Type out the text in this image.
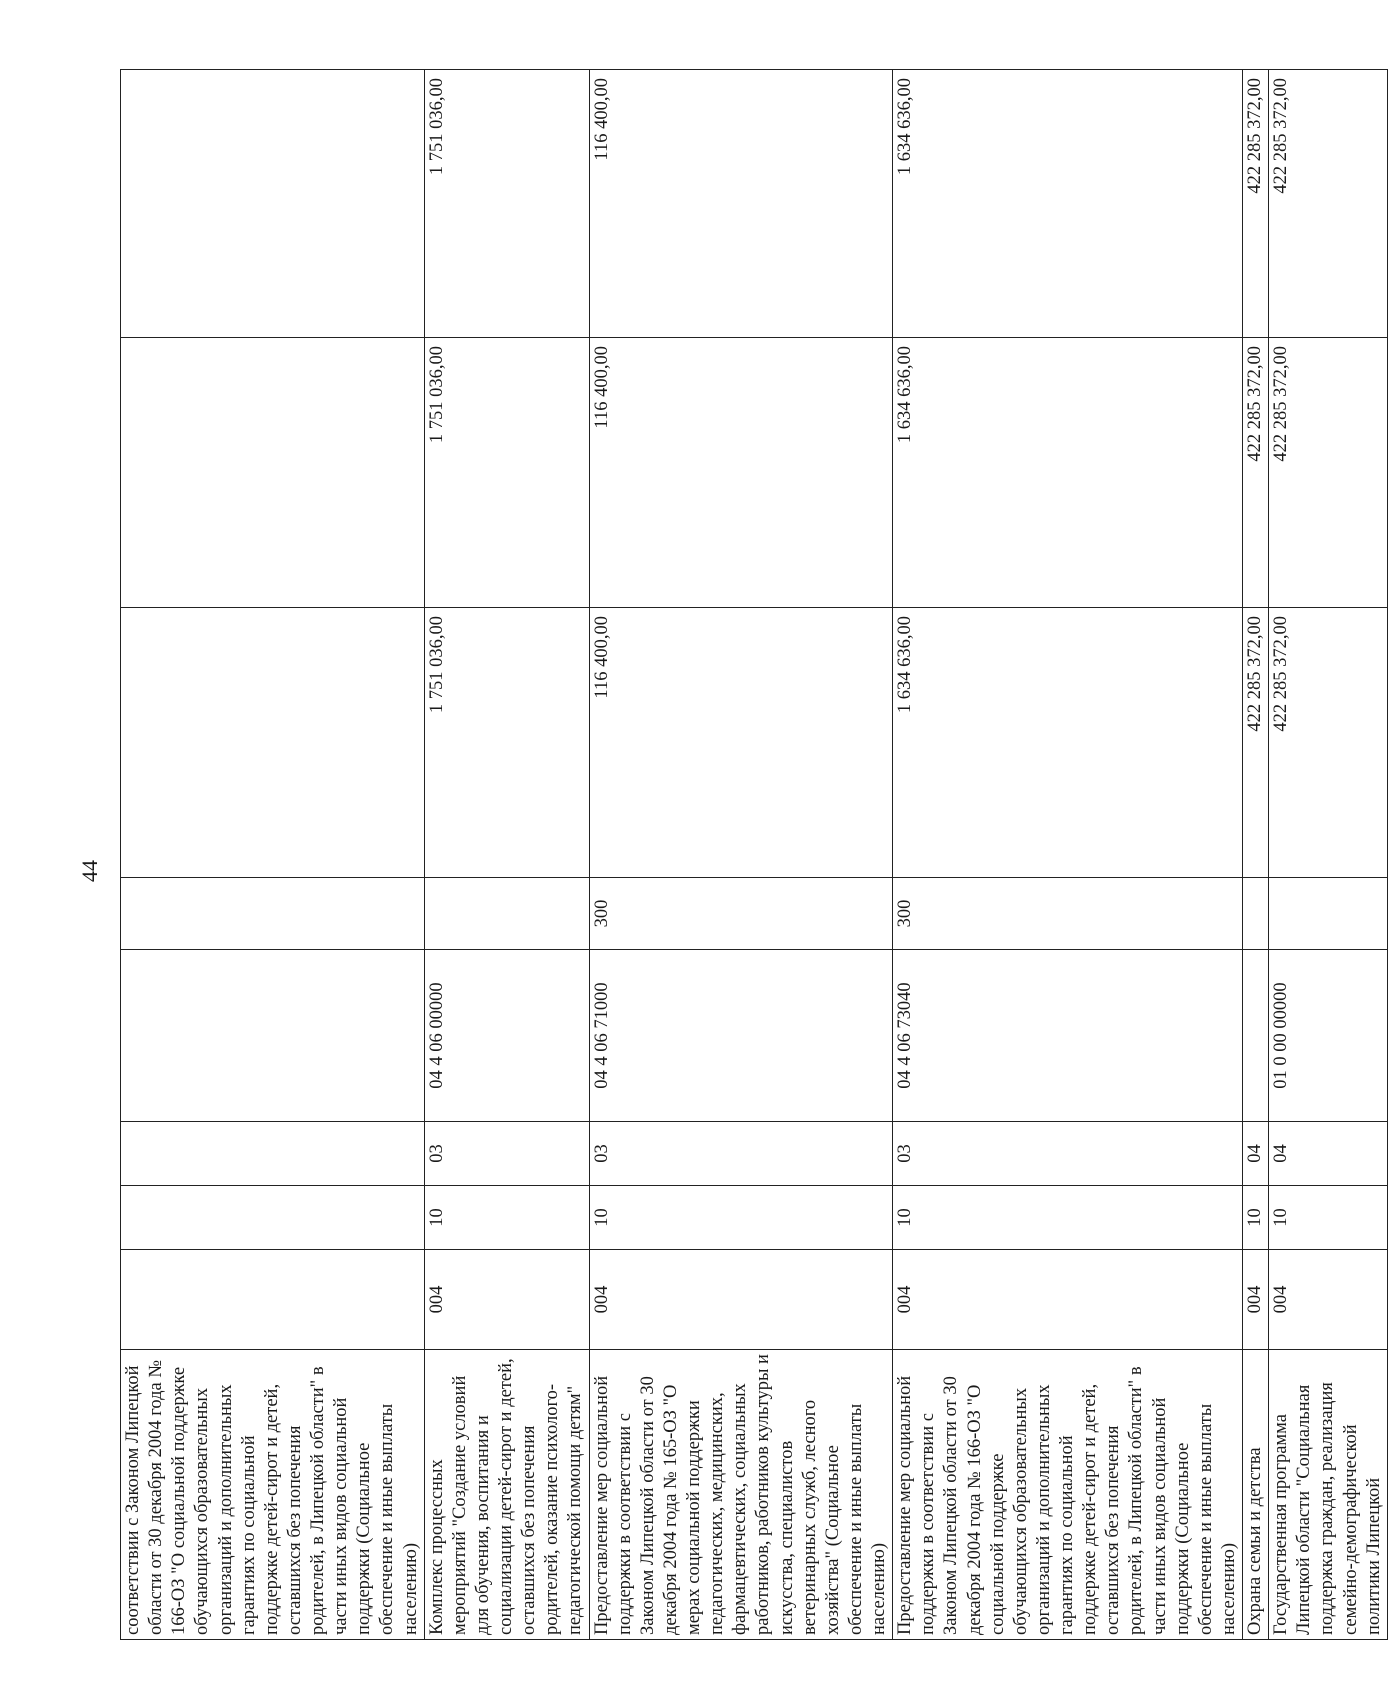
44
соответствии с Законом Липецкой области от 30 декабря 2004 года № 166-ОЗ "О социальной поддержке обучающихся образовательных организаций и дополнительных гарантиях по социальной поддержке детей-сирот и детей, оставшихся без попечения родителей, в Липецкой области" в части иных видов социальной поддержки (Социальное обеспечение и иные выплаты населению)								
Комплекс процессных мероприятий "Создание условий для обучения, воспитания и социализации детей-сирот и детей, оставшихся без попечения родителей, оказание психолого-педагогической помощи детям"	004	10	03	04 4 06 00000		1 751 036,00	1 751 036,00	1 751 036,00
Предоставление мер социальной поддержки в соответствии с Законом Липецкой области от 30 декабря 2004 года № 165-ОЗ "О мерах социальной поддержки педагогических, медицинских, фармацевтических, социальных работников, работников культуры и искусства, специалистов ветеринарных служб, лесного хозяйства" (Социальное обеспечение и иные выплаты населению)	004	10	03	04 4 06 71000	300	116 400,00	116 400,00	116 400,00
Предоставление мер социальной поддержки в соответствии с Законом Липецкой области от 30 декабря 2004 года № 166-ОЗ "О социальной поддержке обучающихся образовательных организаций и дополнительных гарантиях по социальной поддержке детей-сирот и детей, оставшихся без попечения родителей, в Липецкой области" в части иных видов социальной поддержки (Социальное обеспечение и иные выплаты населению)	004	10	03	04 4 06 73040	300	1 634 636,00	1 634 636,00	1 634 636,00
Охрана семьи и детства	004	10	04			422 285 372,00	422 285 372,00	422 285 372,00
Государственная программа Липецкой области "Социальная поддержка граждан, реализация семейно-демографической политики Липецкой	004	10	04	01 0 00 00000		422 285 372,00	422 285 372,00	422 285 372,00
